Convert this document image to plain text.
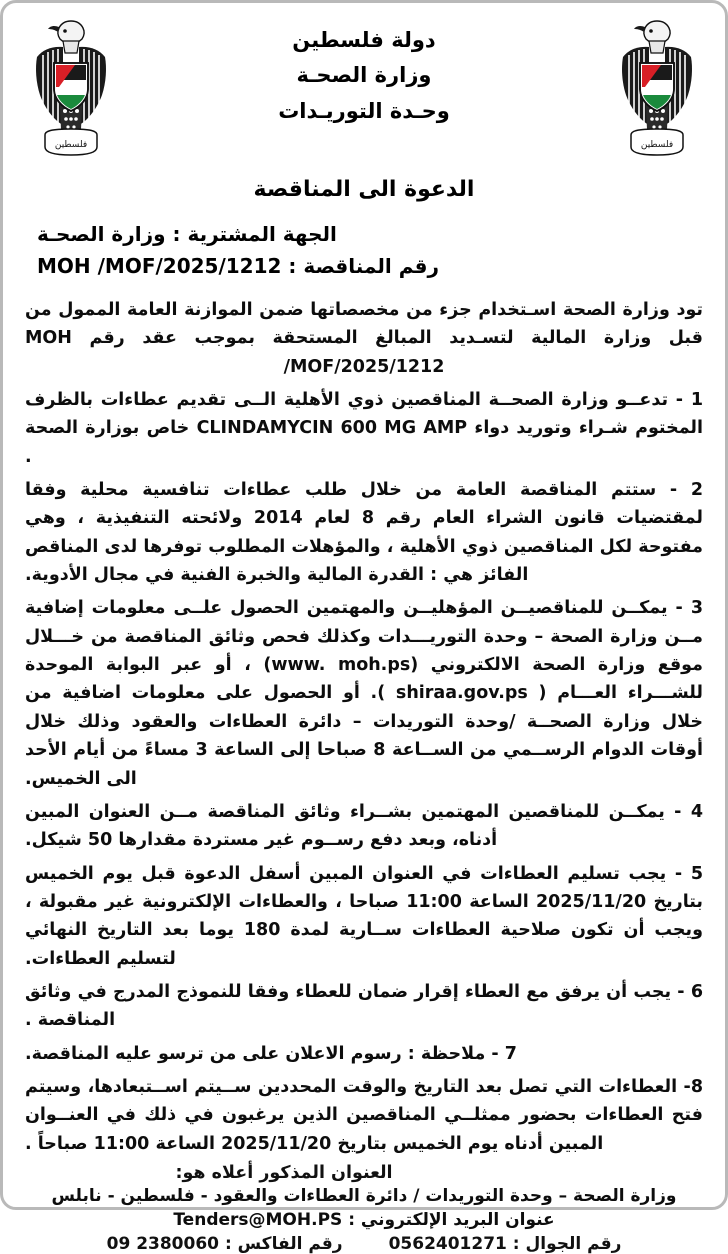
فلسطين
دولة فلسطين
وزارة الصحـة
وحـدة التوريـدات
فلسطين
الدعوة الى المناقصة
الجهة المشترية : وزارة الصحـة
رقم المناقصة : MOH /MOF/2025/1212

تود وزارة الصحة اسـتخدام جزء من مخصصاتها ضمن الموازنة العامة الممول من قبل وزارة المالية لتسـديد المبالغ المستحقة بموجب عقد رقم MOH /MOF/2025/1212

1 - تدعــو وزارة الصحــة المناقصين ذوي الأهلية الــى تقديم عطاءات بالظرف المختوم شـراء وتوريد دواء CLINDAMYCIN 600 MG AMP خاص بوزارة الصحة .

2 - ستتم المناقصة العامة من خلال طلب عطاءات تنافسية محلية وفقا لمقتضيات قانون الشراء العام رقم 8 لعام 2014 ولائحته التنفيذية ، وهي مفتوحة لكل المناقصين ذوي الأهلية ، والمؤهلات المطلوب توفرها لدى المناقص الفائز هي : القدرة المالية والخبرة الفنية في مجال الأدوية.

3 - يمكــن للمناقصيــن المؤهليــن والمهتمين الحصول علــى معلومات إضافية مــن وزارة الصحة – وحدة التوريـــدات وكذلك فحص وثائق المناقصة من خـــلال موقع وزارة الصحة الالكتروني (www. moh.ps) ، أو عبر البوابة الموحدة للشـــراء العـــام ( shiraa.gov.ps ). أو الحصول على معلومات اضافية من خلال وزارة الصحــة /وحدة التوريدات – دائرة العطاءات والعقود وذلك خلال أوقات الدوام الرســمي من الســاعة 8 صباحا إلى الساعة 3 مساءً من أيام الأحد الى الخميس.

4 - يمكــن للمناقصين المهتمين بشــراء وثائق المناقصة مــن العنوان المبين أدناه، وبعد دفع رســوم غير مستردة مقدارها 50 شيكل.

5 - يجب تسليم العطاءات في العنوان المبين أسفل الدعوة قبل يوم الخميس بتاريخ 2025/11/20 الساعة 11:00 صباحا ، والعطاءات الإلكترونية غير مقبولة ، ويجب أن تكون صلاحية العطاءات ســارية لمدة 180 يوما بعد التاريخ النهائي لتسليم العطاءات.

6 - يجب أن يرفق مع العطاء إقرار ضمان للعطاء وفقا للنموذج المدرج في وثائق المناقصة .

7 - ملاحظة : رسوم الاعلان على من ترسو عليه المناقصة.

8- العطاءات التي تصل بعد التاريخ والوقت المحددين ســيتم اســتبعادها، وسيتم فتح العطاءات بحضور ممثلــي المناقصين الذين يرغبون في ذلك في العنــوان المبين أدناه يوم الخميس بتاريخ 2025/11/20 الساعة 11:00 صباحاً .

العنوان المذكور أعلاه هو:
وزارة الصحة – وحدة التوريدات / دائرة العطاءات والعقود - فلسطين - نابلس
عنوان البريد الإلكتروني : Tenders@MOH.PS
رقم الفاكس : 09 2380060	رقم الجوال : 0562401271
